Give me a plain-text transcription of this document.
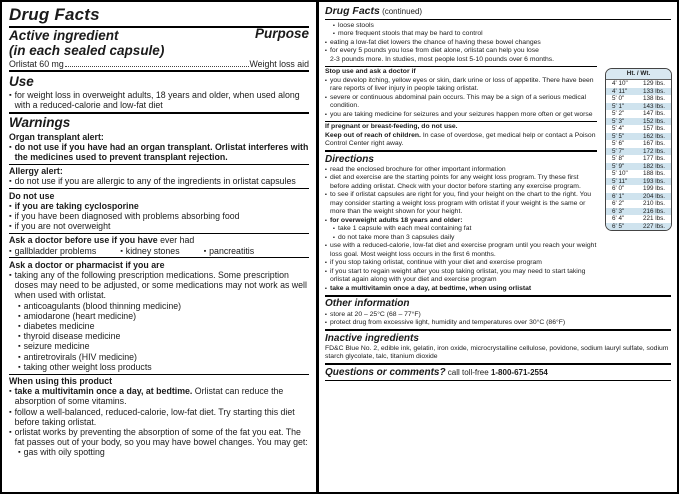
Drug Facts
Active ingredient
(in each sealed capsule)
Purpose
Orlistat 60 mg	Weight loss aid
Use
▪ for weight loss in overweight adults, 18 years and older, when used along with a reduced-calorie and low-fat diet
Warnings
Organ transplant alert:
▪ do not use if you have had an organ transplant. Orlistat interferes with the medicines used to prevent transplant rejection.
Allergy alert:
▪ do not use if you are allergic to any of the ingredients in orlistat capsules
Do not use
▪ if you are taking cyclosporine
▪ if you have been diagnosed with problems absorbing food
▪ if you are not overweight
Ask a doctor before use if you have ever had
▪ gallbladder problems	▪ kidney stones	▪ pancreatitis
Ask a doctor or pharmacist if you are
▪ taking any of the following prescription medications. Some prescription doses may need to be adjusted, or some medications may not work as well when used with orlistat.
▪ anticoagulants (blood thinning medicine)
▪ amiodarone (heart medicine)
▪ diabetes medicine
▪ thyroid disease medicine
▪ seizure medicine
▪ antiretrovirals (HIV medicine)
▪ taking other weight loss products
When using this product
▪ take a multivitamin once a day, at bedtime. Orlistat can reduce the absorption of some vitamins.
▪ follow a well-balanced, reduced-calorie, low-fat diet. Try starting this diet before taking orlistat.
▪ orlistat works by preventing the absorption of some of the fat you eat. The fat passes out of your body, so you may have bowel changes. You may get:
▪ gas with oily spotting
Drug Facts (continued)
Ht. / Wt.
4' 10" 129 lbs.
4' 11" 133 lbs.
5' 0"	138 lbs.
5' 1"	143 lbs.
5' 2"	147 lbs.
5' 3"	152 lbs.
5' 4"	157 lbs.
5' 5"	162 lbs.
5' 6"	167 lbs.
5' 7"	172 lbs.
5' 8"	177 lbs.
5' 9"	182 lbs.
5' 10" 188 lbs.
5' 11" 193 lbs.
6' 0"	199 lbs.
6' 1"	204 lbs.
6' 2"	210 lbs.
6' 3"	216 lbs.
6' 4"	221 lbs.
6' 5"	227 lbs.
▪ loose stools
▪ more frequent stools that may be hard to control
▪ eating a low-fat diet lowers the chance of having these bowel changes
▪ for every 5 pounds you lose from diet alone, orlistat can help you lose
2-3 pounds more. In studies, most people lost 5-10 pounds over 6 months.
Stop use and ask a doctor if
▪ you develop itching, yellow eyes or skin, dark urine or loss of appetite. There have been rare reports of liver injury in people taking orlistat.
▪ severe or continuous abdominal pain occurs. This may be a sign of a serious medical condition.
▪ you are taking medicine for seizures and your seizures happen more often or get worse
If pregnant or breast-feeding, do not use.
Keep out of reach of children. In case of overdose, get medical help or contact a Poison Control Center right away.
Directions
▪ read the enclosed brochure for other important information
▪ diet and exercise are the starting points for any weight loss program. Try these first before adding orlistat. Check with your doctor before starting any exercise program.
▪ to see if orlistat capsules are right for you, find your height on the chart to the right. You may consider starting a weight loss program with orlistat if your weight is the same or more than the weight shown for your height.
▪ for overweight adults 18 years and older:
▪ take 1 capsule with each meal containing fat
▪ do not take more than 3 capsules daily
▪ use with a reduced-calorie, low-fat diet and exercise program until you reach your weight loss goal. Most weight loss occurs in the first 6 months.
▪ if you stop taking orlistat, continue with your diet and exercise program
▪ if you start to regain weight after you stop taking orlistat, you may need to start taking orlistat again along with your diet and exercise program
▪ take a multivitamin once a day, at bedtime, when using orlistat
Other information
▪ store at 20 – 25°C (68 – 77°F)
▪ protect drug from excessive light, humidity and temperatures over 30°C (86°F)
Inactive ingredients
FD&C Blue No. 2, edible ink, gelatin, iron oxide, microcrystalline cellulose, povidone, sodium lauryl sulfate, sodium starch glycolate, talc, titanium dioxide
Questions or comments? call toll-free 1-800-671-2554
